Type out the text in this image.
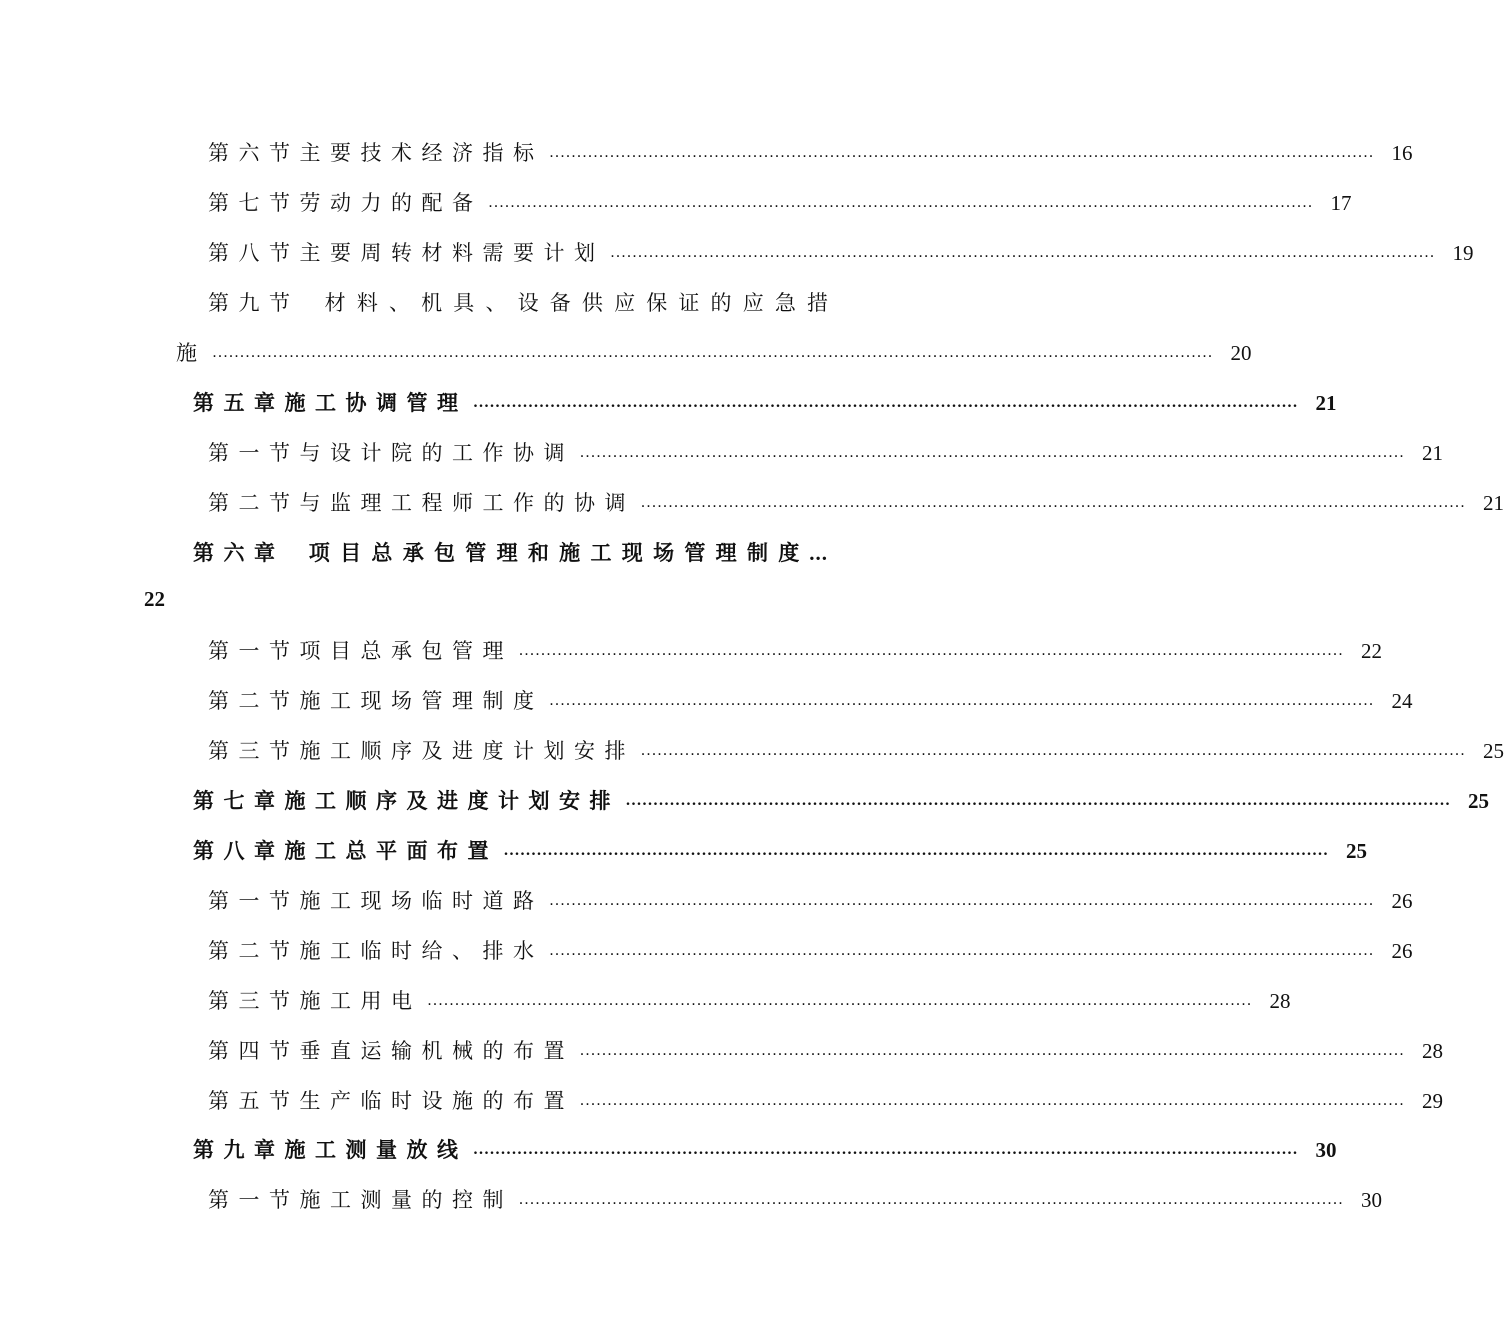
第六节 主要技术经济指标 ...................................................................................................................................................... 16
第七节 劳动力的配备 ...................................................................................................................................................... 17
第八节 主要周转材料需要计划 ...................................................................................................................................................... 19
第九节 材 料 、 机 具 、 设 备 供 应 保 证 的 应 急 措
施 ...................................................................................................................................................................................... 20
第五章 施工协调管理 ...................................................................................................................................................... 21
第一节 与设计院的工作协调 ...................................................................................................................................................... 21
第二节 与监理工程师工作的协调 ...................................................................................................................................................... 21
第六章 项 目 总 承 包 管 理 和 施 工 现 场 管 理 制 度 ...
22
第一节 项目总承包管理 ...................................................................................................................................................... 22
第二节 施工现场管理制度 ...................................................................................................................................................... 24
第三节 施工顺序及进度计划安排 ...................................................................................................................................................... 25
第七章 施工顺序及进度计划安排 ...................................................................................................................................................... 25
第八章 施工总平面布置 ...................................................................................................................................................... 25
第一节 施工现场临时道路 ...................................................................................................................................................... 26
第二节 施工临时给、排水 ...................................................................................................................................................... 26
第三节 施工用电 ...................................................................................................................................................... 28
第四节 垂直运输机械的布置 ...................................................................................................................................................... 28
第五节 生产临时设施的布置 ...................................................................................................................................................... 29
第九章 施工测量放线 ...................................................................................................................................................... 30
第一节 施工测量的控制 ...................................................................................................................................................... 30
